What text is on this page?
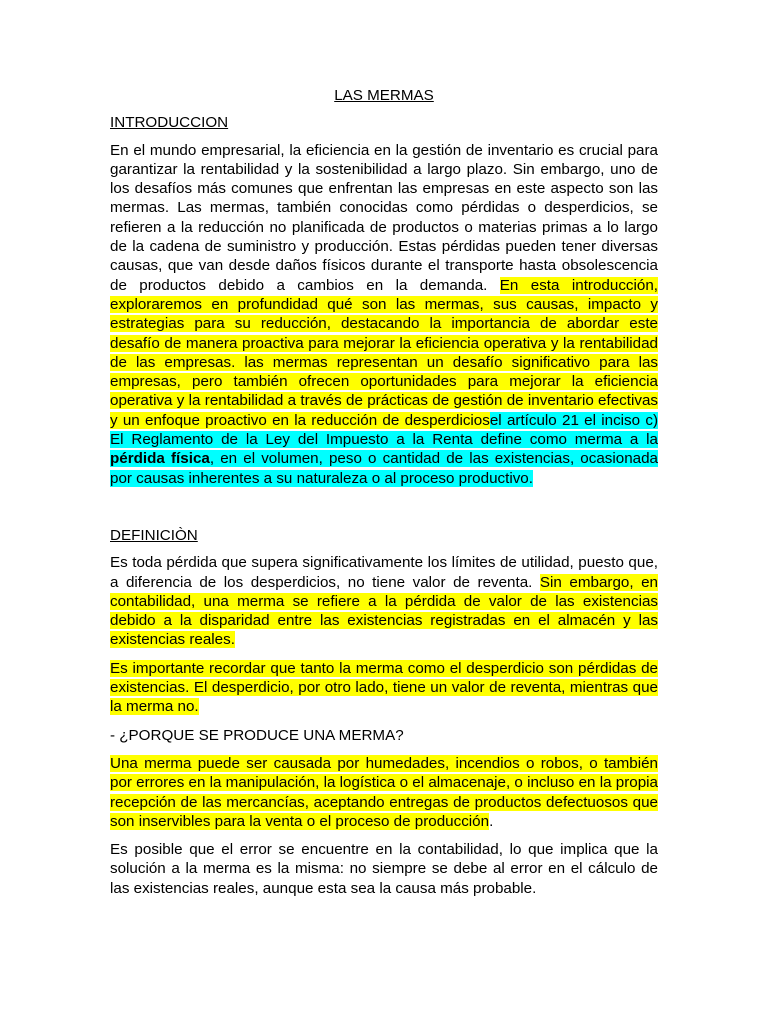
LAS MERMAS

INTRODUCCION

En el mundo empresarial, la eficiencia en la gestión de inventario es crucial para garantizar la rentabilidad y la sostenibilidad a largo plazo. Sin embargo, uno de los desafíos más comunes que enfrentan las empresas en este aspecto son las mermas. Las mermas, también conocidas como pérdidas o desperdicios, se refieren a la reducción no planificada de productos o materias primas a lo largo de la cadena de suministro y producción. Estas pérdidas pueden tener diversas causas, que van desde daños físicos durante el transporte hasta obsolescencia de productos debido a cambios en la demanda. En esta introducción, exploraremos en profundidad qué son las mermas, sus causas, impacto y estrategias para su reducción, destacando la importancia de abordar este desafío de manera proactiva para mejorar la eficiencia operativa y la rentabilidad de las empresas. las mermas representan un desafío significativo para las empresas, pero también ofrecen oportunidades para mejorar la eficiencia operativa y la rentabilidad a través de prácticas de gestión de inventario efectivas y un enfoque proactivo en la reducción de desperdiciosel artículo 21 el inciso c) El Reglamento de la Ley del Impuesto a la Renta define como merma a la pérdida física, en el volumen, peso o cantidad de las existencias, ocasionada por causas inherentes a su naturaleza o al proceso productivo.

DEFINICIÒN

Es toda pérdida que supera significativamente los límites de utilidad, puesto que, a diferencia de los desperdicios, no tiene valor de reventa. Sin embargo, en contabilidad, una merma se refiere a la pérdida de valor de las existencias debido a la disparidad entre las existencias registradas en el almacén y las existencias reales.

Es importante recordar que tanto la merma como el desperdicio son pérdidas de existencias. El desperdicio, por otro lado, tiene un valor de reventa, mientras que la merma no.

- ¿PORQUE SE PRODUCE UNA MERMA?

Una merma puede ser causada por humedades, incendios o robos, o también por errores en la manipulación, la logística o el almacenaje, o incluso en la propia recepción de las mercancías, aceptando entregas de productos defectuosos que son inservibles para la venta o el proceso de producción.

Es posible que el error se encuentre en la contabilidad, lo que implica que la solución a la merma es la misma: no siempre se debe al error en el cálculo de las existencias reales, aunque esta sea la causa más probable.
